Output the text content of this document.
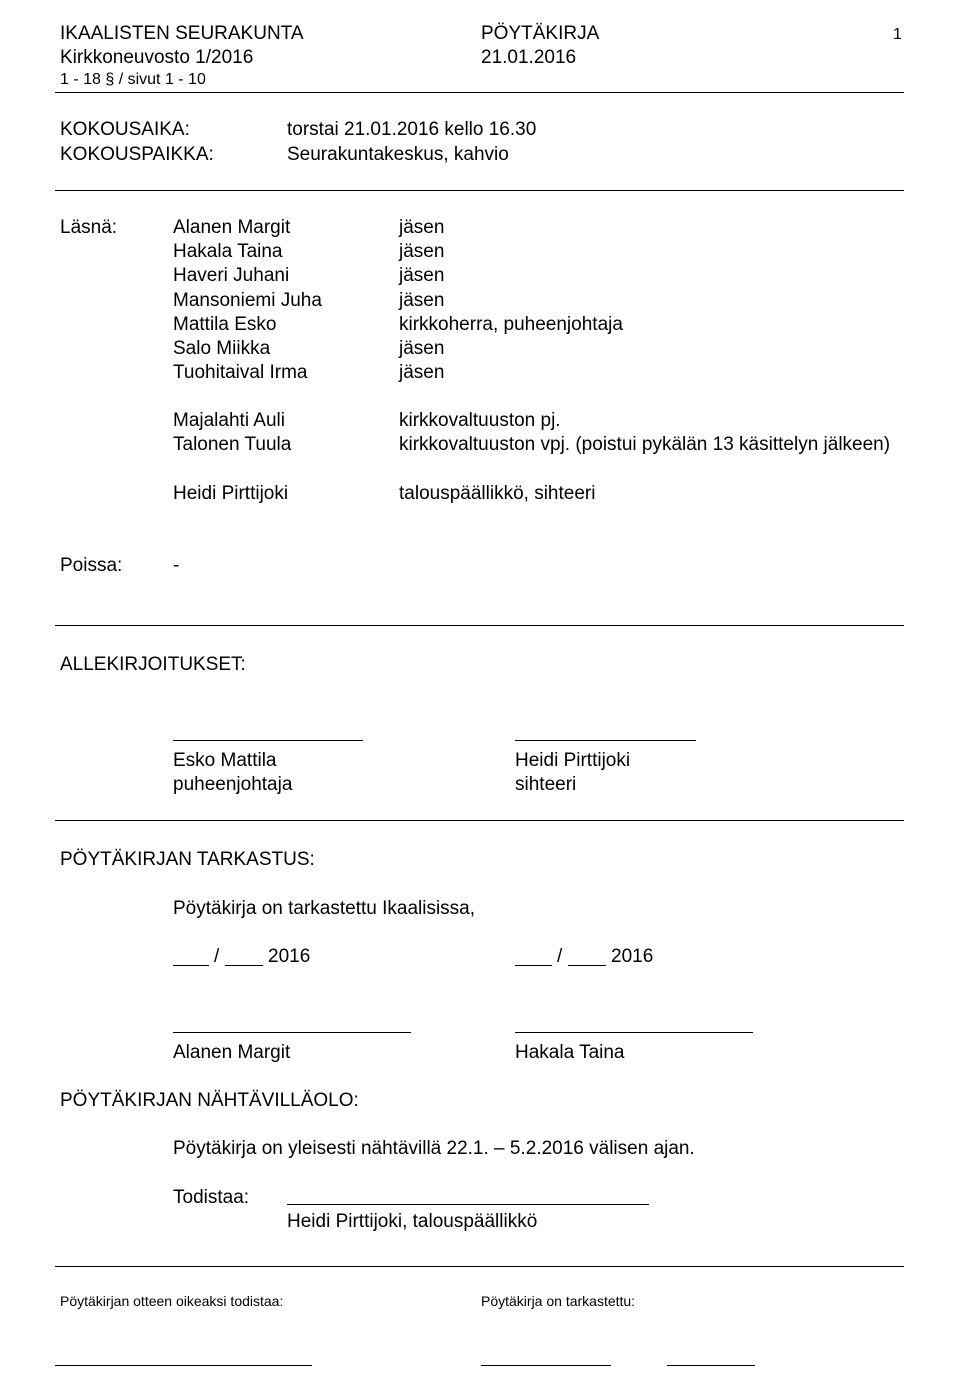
IKAALISTEN SEURAKUNTA	PÖYTÄKIRJA	1
Kirkkoneuvosto 1/2016	21.01.2016
1 - 18 § / sivut 1 - 10
KOKOUSAIKA:	torstai 21.01.2016 kello 16.30
KOKOUSPAIKKA:	Seurakuntakeskus, kahvio
Läsnä:	Alanen Margit	jäsen
Hakala Taina	jäsen
Haveri Juhani	jäsen
Mansoniemi Juha	jäsen
Mattila Esko	kirkkoherra, puheenjohtaja
Salo Miikka	jäsen
Tuohitaival Irma	jäsen
Majalahti Auli	kirkkovaltuuston pj.
Talonen Tuula	kirkkovaltuuston vpj. (poistui pykälän 13 käsittelyn jälkeen)
Heidi Pirttijoki	talouspäällikkö, sihteeri
Poissa:	-
ALLEKIRJOITUKSET:
Esko Mattila	Heidi Pirttijoki
puheenjohtaja	sihteeri
PÖYTÄKIRJAN TARKASTUS:
Pöytäkirja on tarkastettu Ikaalisissa,
/	2016	/	2016
Alanen Margit	Hakala Taina
PÖYTÄKIRJAN NÄHTÄVILLÄOLO:
Pöytäkirja on yleisesti nähtävillä 22.1. – 5.2.2016 välisen ajan.
Todistaa:
Heidi Pirttijoki, talouspäällikkö
Pöytäkirjan otteen oikeaksi todistaa:	Pöytäkirja on tarkastettu:
